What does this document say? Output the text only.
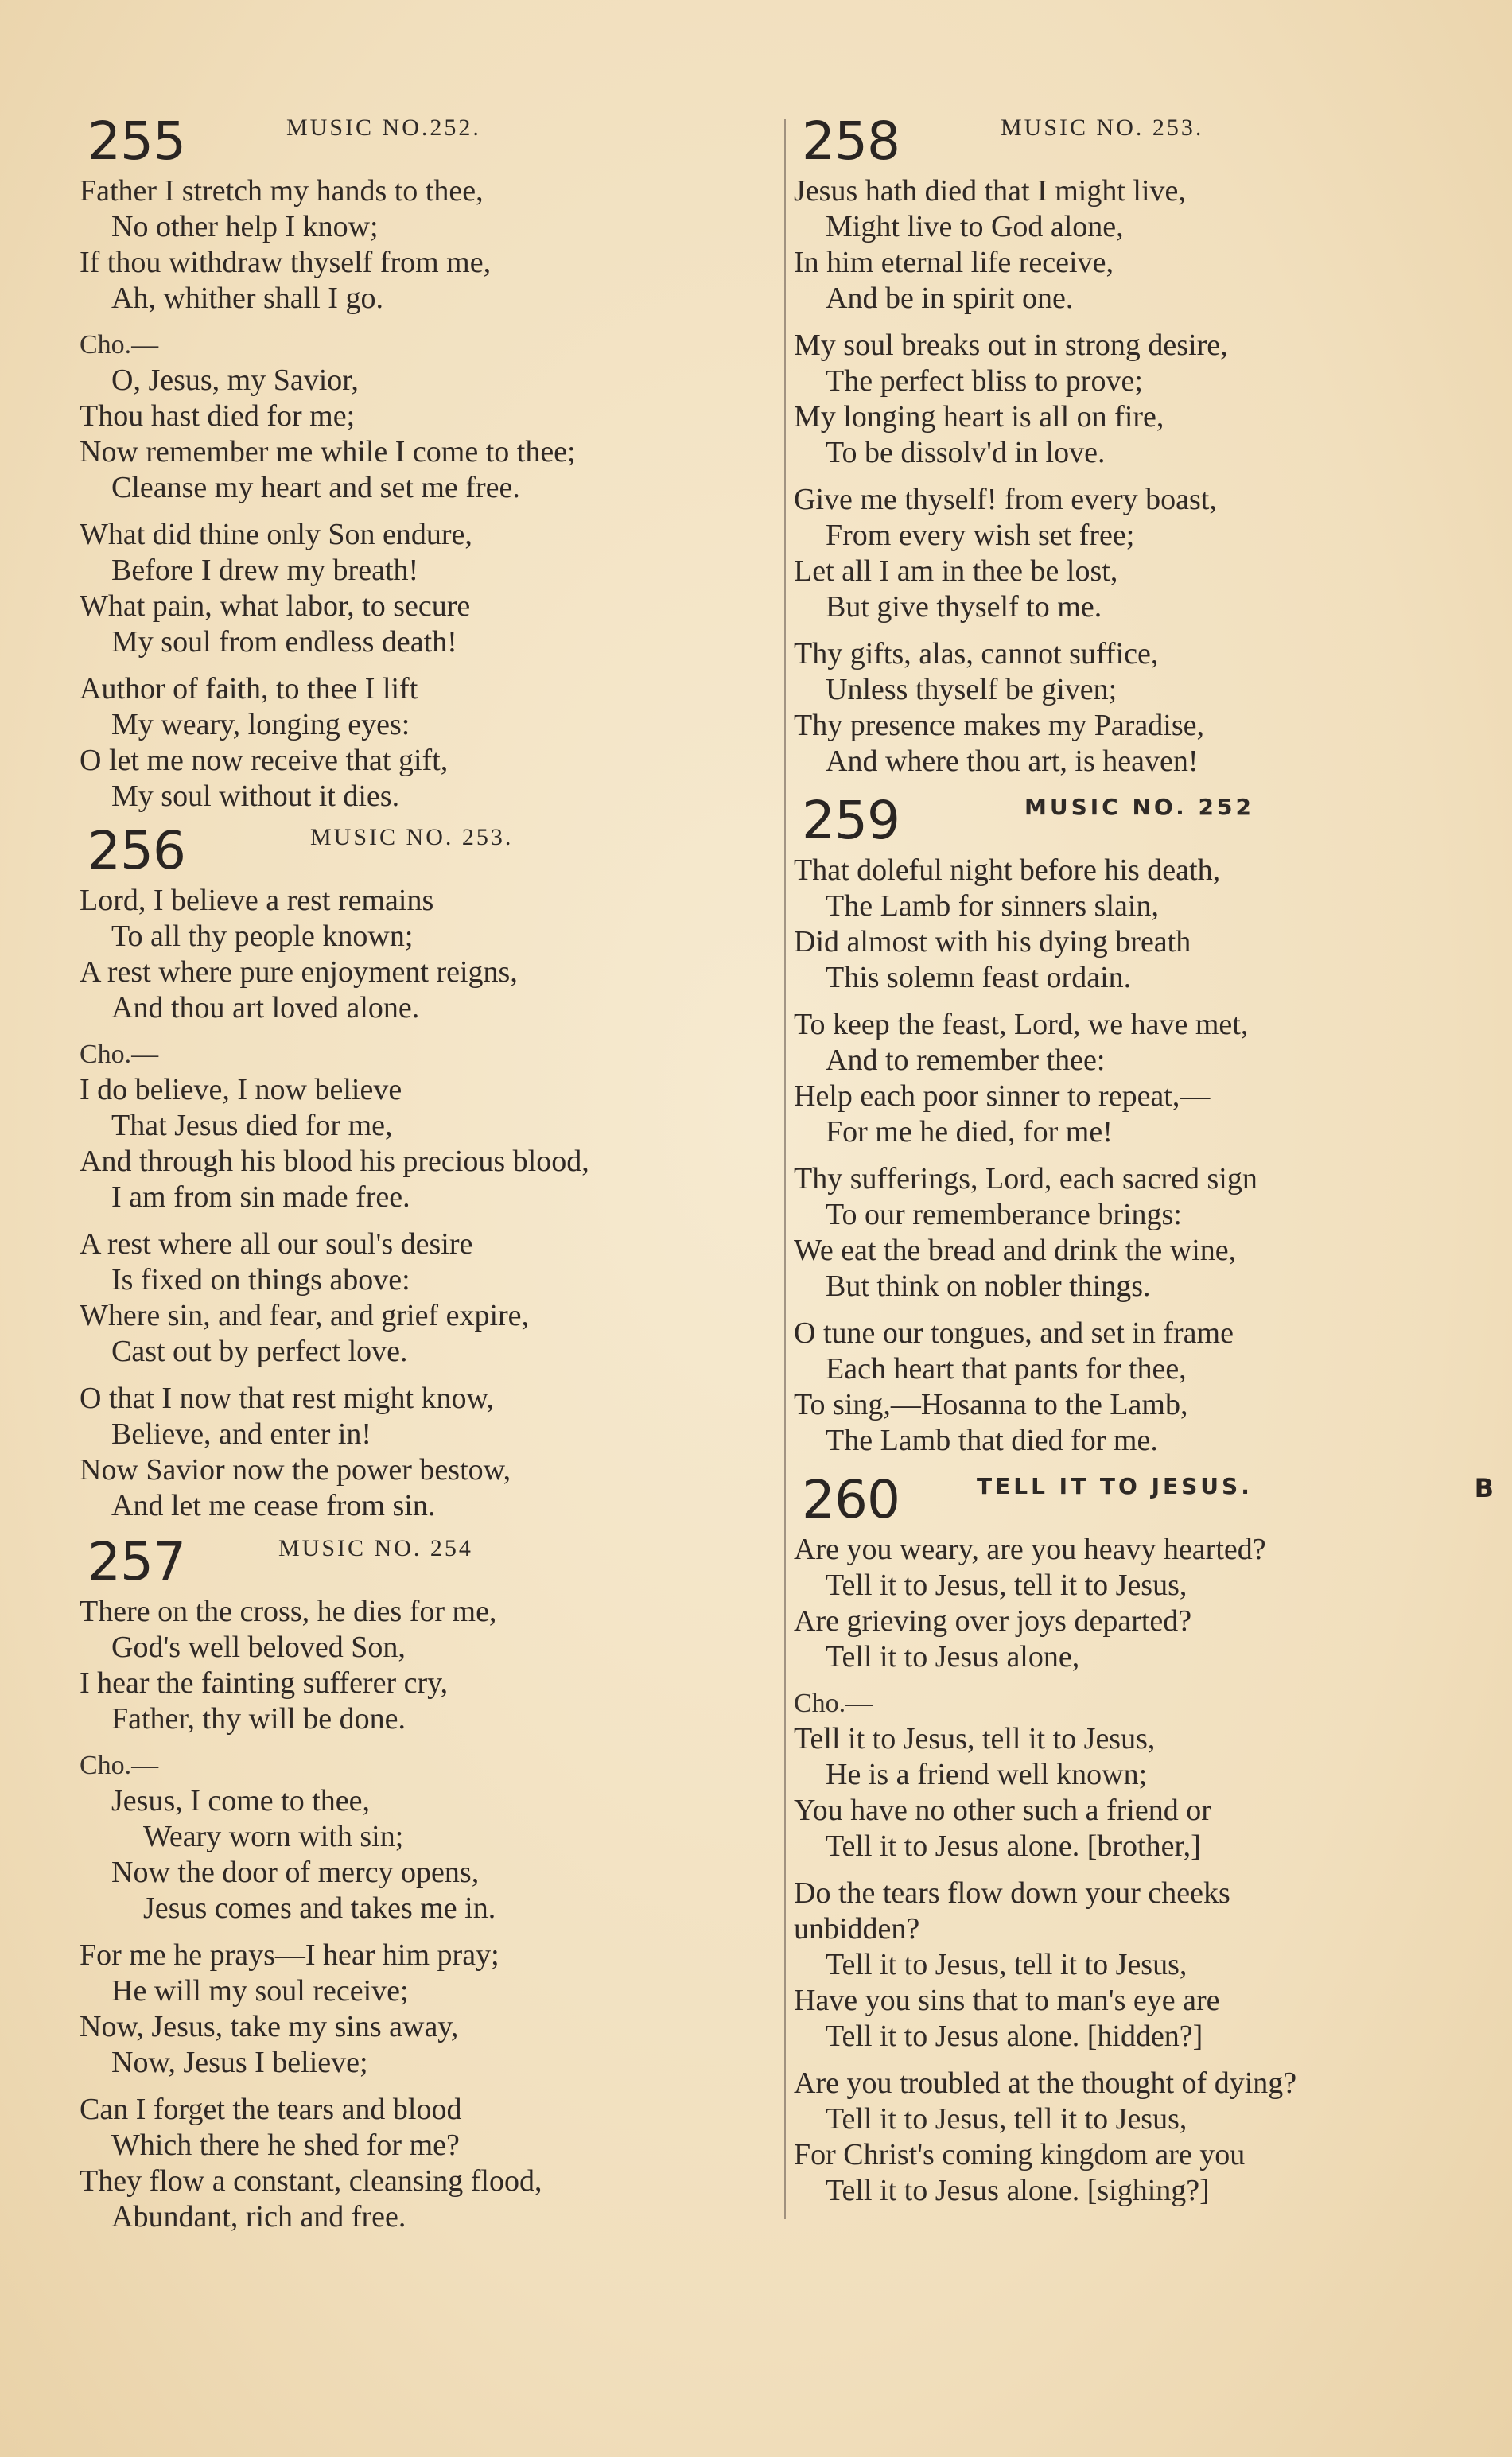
255	MUSIC NO.252.
Father I stretch my hands to thee,
No other help I know;
If thou withdraw thyself from me,
Ah, whither shall I go.
Cho.—
O, Jesus, my Savior,
Thou hast died for me;
Now remember me while I come to thee;
Cleanse my heart and set me free.
What did thine only Son endure,
Before I drew my breath!
What pain, what labor, to secure
My soul from endless death!
Author of faith, to thee I lift
My weary, longing eyes:
O let me now receive that gift,
My soul without it dies.
256	MUSIC NO. 253.
Lord, I believe a rest remains
To all thy people known;
A rest where pure enjoyment reigns,
And thou art loved alone.
Cho.—
I do believe, I now believe
That Jesus died for me,
And through his blood his precious blood,
I am from sin made free.
A rest where all our soul's desire
Is fixed on things above:
Where sin, and fear, and grief expire,
Cast out by perfect love.
O that I now that rest might know,
Believe, and enter in!
Now Savior now the power bestow,
And let me cease from sin.
257	MUSIC NO. 254
There on the cross, he dies for me,
God's well beloved Son,
I hear the fainting sufferer cry,
Father, thy will be done.
Cho.—
Jesus, I come to thee,
Weary worn with sin;
Now the door of mercy opens,
Jesus comes and takes me in.
For me he prays—I hear him pray;
He will my soul receive;
Now, Jesus, take my sins away,
Now, Jesus I believe;
Can I forget the tears and blood
Which there he shed for me?
They flow a constant, cleansing flood,
Abundant, rich and free.
258	MUSIC NO. 253.
Jesus hath died that I might live,
Might live to God alone,
In him eternal life receive,
And be in spirit one.
My soul breaks out in strong desire,
The perfect bliss to prove;
My longing heart is all on fire,
To be dissolv'd in love.
Give me thyself! from every boast,
From every wish set free;
Let all I am in thee be lost,
But give thyself to me.
Thy gifts, alas, cannot suffice,
Unless thyself be given;
Thy presence makes my Paradise,
And where thou art, is heaven!
259	MUSIC NO. 252
That doleful night before his death,
The Lamb for sinners slain,
Did almost with his dying breath
This solemn feast ordain.
To keep the feast, Lord, we have met,
And to remember thee:
Help each poor sinner to repeat,—
For me he died, for me!
Thy sufferings, Lord, each sacred sign
To our rememberance brings:
We eat the bread and drink the wine,
But think on nobler things.
O tune our tongues, and set in frame
Each heart that pants for thee,
To sing,—Hosanna to the Lamb,
The Lamb that died for me.
260	TELL IT TO JESUS.	B
Are you weary, are you heavy hearted?
Tell it to Jesus, tell it to Jesus,
Are grieving over joys departed?
Tell it to Jesus alone,
Cho.—
Tell it to Jesus, tell it to Jesus,
He is a friend well known;
You have no other such a friend or
Tell it to Jesus alone. [brother,]
Do the tears flow down your cheeks
unbidden?
Tell it to Jesus, tell it to Jesus,
Have you sins that to man's eye are
Tell it to Jesus alone. [hidden?]
Are you troubled at the thought of dying?
Tell it to Jesus, tell it to Jesus,
For Christ's coming kingdom are you
Tell it to Jesus alone. [sighing?]
